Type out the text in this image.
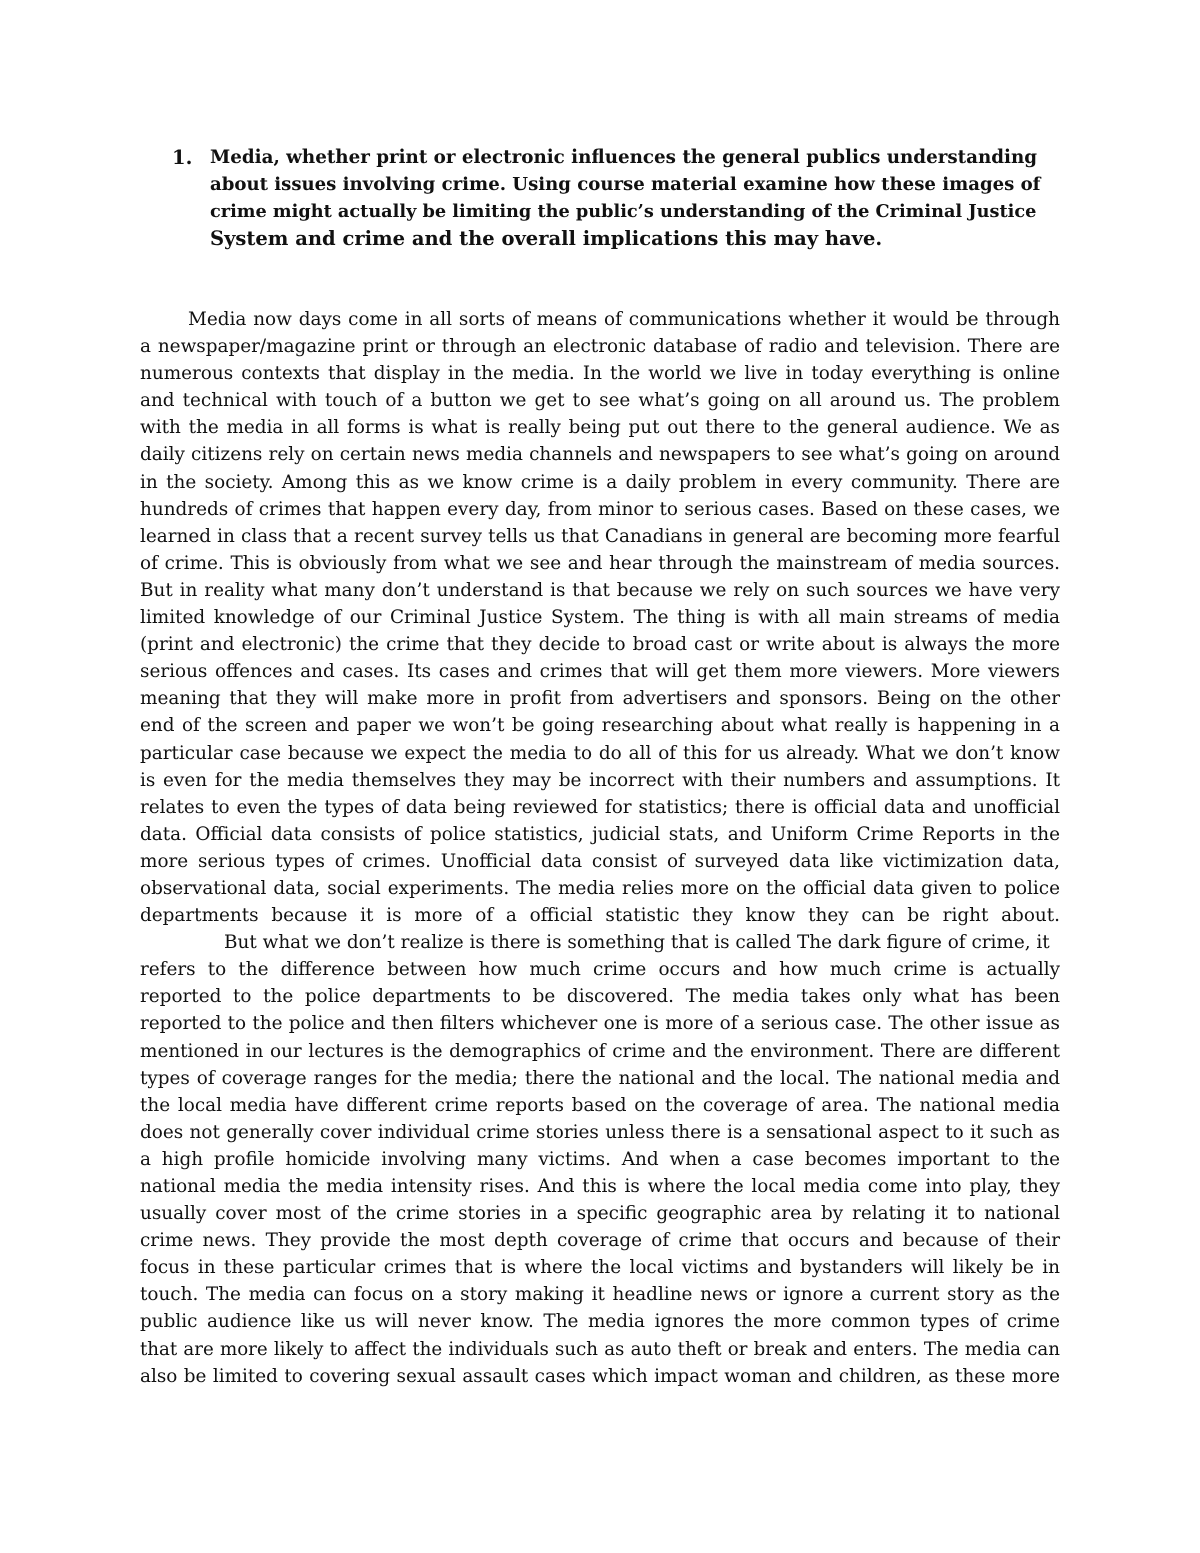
1. Media, whether print or electronic influences the general publics understanding
about issues involving crime. Using course material examine how these images of
crime might actually be limiting the public’s understanding of the Criminal Justice
System and crime and the overall implications this may have.
Media now days come in all sorts of means of communications whether it would be through
a newspaper/magazine print or through an electronic database of radio and television. There are
numerous contexts that display in the media. In the world we live in today everything is online
and technical with touch of a button we get to see what’s going on all around us. The problem
with the media in all forms is what is really being put out there to the general audience. We as
daily citizens rely on certain news media channels and newspapers to see what’s going on around
in the society. Among this as we know crime is a daily problem in every community. There are
hundreds of crimes that happen every day, from minor to serious cases. Based on these cases, we
learned in class that a recent survey tells us that Canadians in general are becoming more fearful
of crime. This is obviously from what we see and hear through the mainstream of media sources.
But in reality what many don’t understand is that because we rely on such sources we have very
limited knowledge of our Criminal Justice System. The thing is with all main streams of media
(print and electronic) the crime that they decide to broad cast or write about is always the more
serious offences and cases. Its cases and crimes that will get them more viewers. More viewers
meaning that they will make more in profit from advertisers and sponsors. Being on the other
end of the screen and paper we won’t be going researching about what really is happening in a
particular case because we expect the media to do all of this for us already. What we don’t know
is even for the media themselves they may be incorrect with their numbers and assumptions. It
relates to even the types of data being reviewed for statistics; there is official data and unofficial
data. Official data consists of police statistics, judicial stats, and Uniform Crime Reports in the
more serious types of crimes. Unofficial data consist of surveyed data like victimization data,
observational data, social experiments. The media relies more on the official data given to police
departments because it is more of a official statistic they know they can be right about.
But what we don’t realize is there is something that is called The dark figure of crime, it
refers to the difference between how much crime occurs and how much crime is actually
reported to the police departments to be discovered. The media takes only what has been
reported to the police and then filters whichever one is more of a serious case. The other issue as
mentioned in our lectures is the demographics of crime and the environment. There are different
types of coverage ranges for the media; there the national and the local. The national media and
the local media have different crime reports based on the coverage of area. The national media
does not generally cover individual crime stories unless there is a sensational aspect to it such as
a high profile homicide involving many victims. And when a case becomes important to the
national media the media intensity rises. And this is where the local media come into play, they
usually cover most of the crime stories in a specific geographic area by relating it to national
crime news. They provide the most depth coverage of crime that occurs and because of their
focus in these particular crimes that is where the local victims and bystanders will likely be in
touch. The media can focus on a story making it headline news or ignore a current story as the
public audience like us will never know. The media ignores the more common types of crime
that are more likely to affect the individuals such as auto theft or break and enters. The media can
also be limited to covering sexual assault cases which impact woman and children, as these more
